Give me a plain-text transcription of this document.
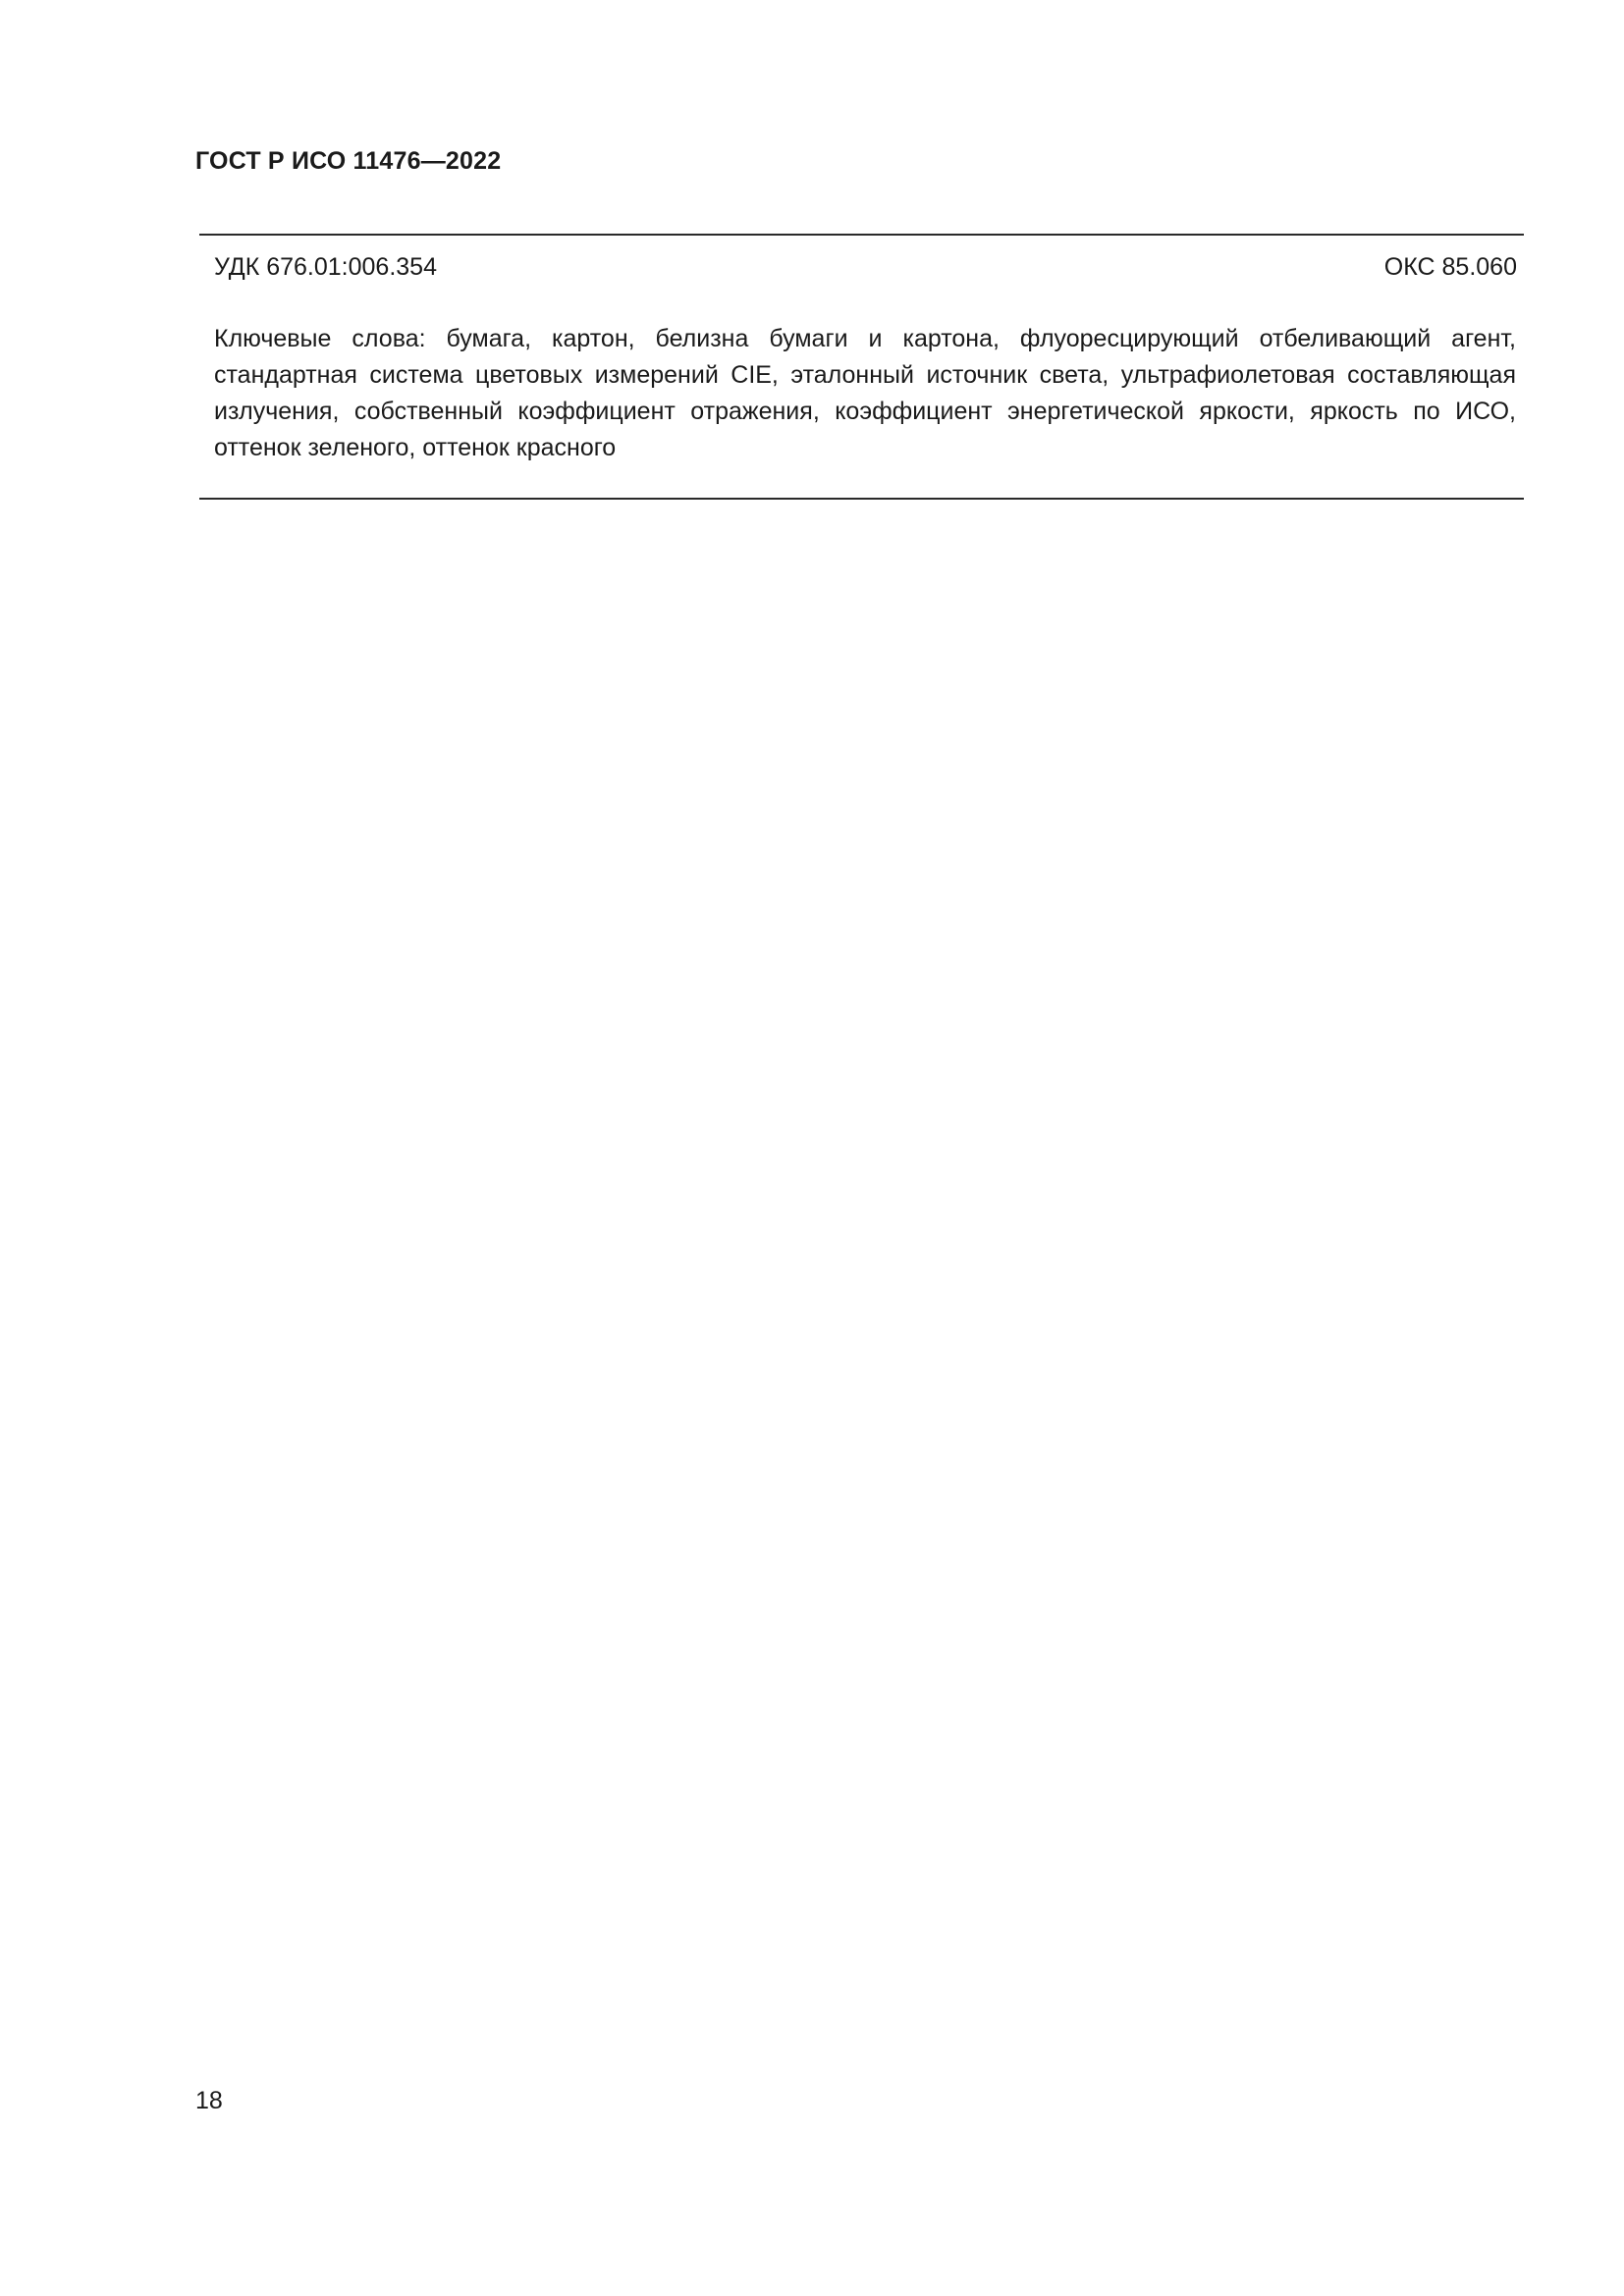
ГОСТ Р ИСО 11476—2022
УДК 676.01:006.354	ОКС 85.060
Ключевые слова: бумага, картон, белизна бумаги и картона, флуоресцирующий отбеливающий агент, стандартная система цветовых измерений CIE, эталонный источник света, ультрафиолетовая составляющая излучения, собственный коэффициент отражения, коэффициент энергетической яркости, яркость по ИСО, оттенок зеленого, оттенок красного
18
